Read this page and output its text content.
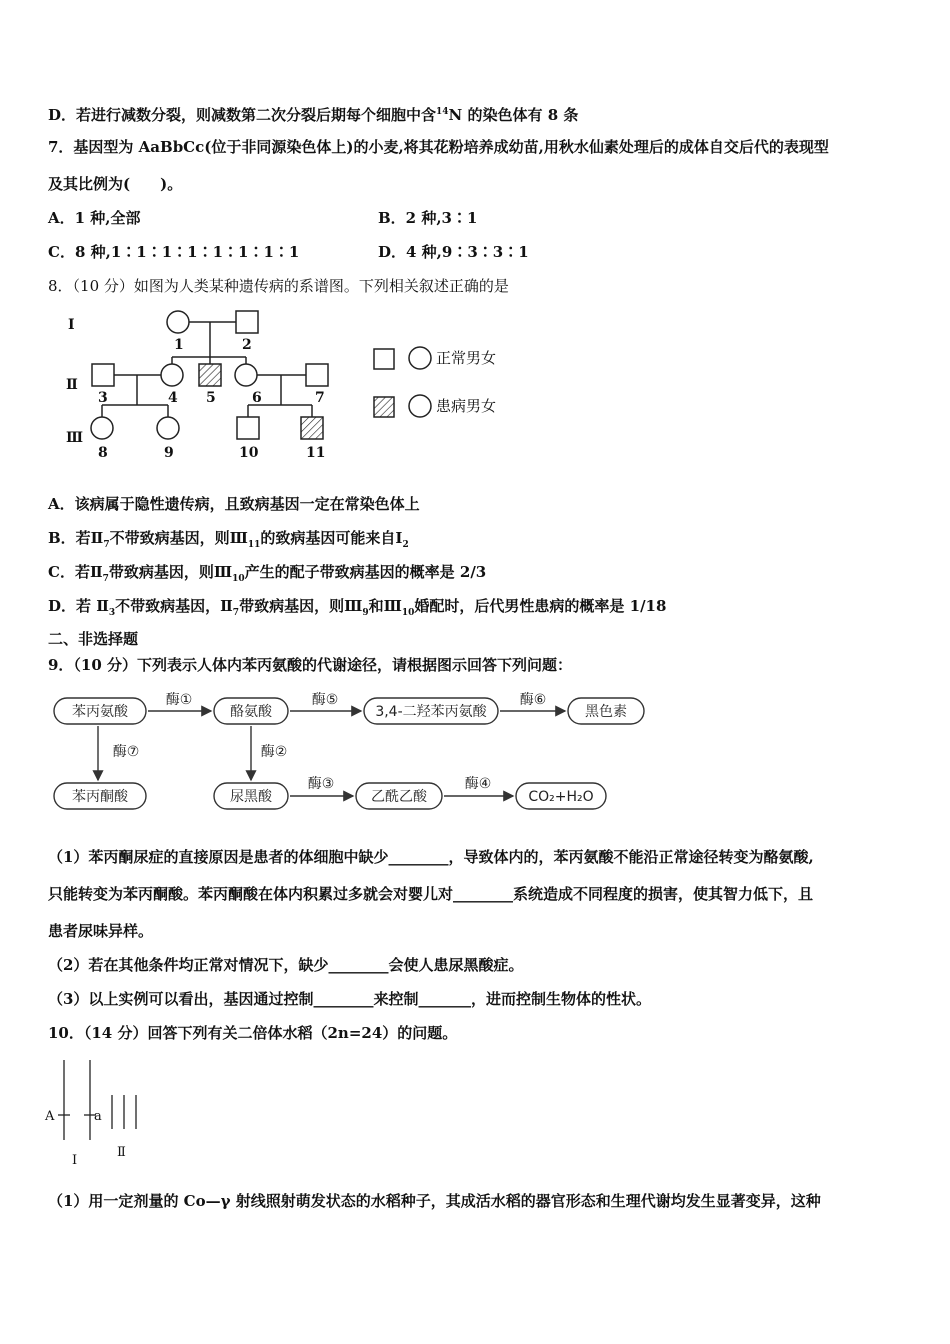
D．若进行减数分裂，则减数第二次分裂后期每个细胞中含$^{14}$N 的染色体有 8 条
7．基因型为 AaBbCc(位于非同源染色体上)的小麦,将其花粉培养成幼苗,用秋水仙素处理后的成体自交后代的表现型
及其比例为(　　)。
A．1 种,全部	B．2 种,3∶1
C．8 种,1∶1∶1∶1∶1∶1∶1∶1	D．4 种,9∶3∶3∶1
8．（10 分）如图为人类某种遗传病的系谱图。下列相关叙述正确的是
Ⅰ
Ⅱ
Ⅲ
1	2
3	4 5	6	7
8	9	10	11
正常男女
患病男女
A．该病属于隐性遗传病，且致病基因一定在常染色体上
B．若$Ⅱ_7$不带致病基因，则$Ⅲ_{11}$的致病基因可能来自$Ⅰ_2$
C．若$Ⅱ_7$带致病基因，则$Ⅲ_{10}$产生的配子带致病基因的概率是 2/3
D．若 $Ⅱ_3$不带致病基因，$Ⅱ_7$带致病基因，则$Ⅲ_9$和$Ⅲ_{10}$婚配时，后代男性患病的概率是 1/18
二、非选择题
9．（10 分）下列表示人体内苯丙氨酸的代谢途径，请根据图示回答下列问题：
苯丙氨酸	酪氨酸	3,4-二羟苯丙氨酸	黑色素
苯丙酮酸	尿黑酸	乙酰乙酸	CO₂+H₂O
酶①	酶⑤	酶⑥
酶⑦	酶②
酶③	酶④
（1）苯丙酮尿症的直接原因是患者的体细胞中缺少________，导致体内的，苯丙氨酸不能沿正常途径转变为酪氨酸,
只能转变为苯丙酮酸。苯丙酮酸在体内积累过多就会对婴儿对________系统造成不同程度的损害，使其智力低下，且
患者尿味异样。
（2）若在其他条件均正常对情况下，缺少________会使人患尿黑酸症。
（3）以上实例可以看出，基因通过控制________来控制_______，进而控制生物体的性状。
10．（14 分）回答下列有关二倍体水稻（2n=24）的问题。
A	a
Ⅰ
Ⅱ
（1）用一定剂量的 Co—γ 射线照射萌发状态的水稻种子，其成活水稻的器官形态和生理代谢均发生显著变异，这种
